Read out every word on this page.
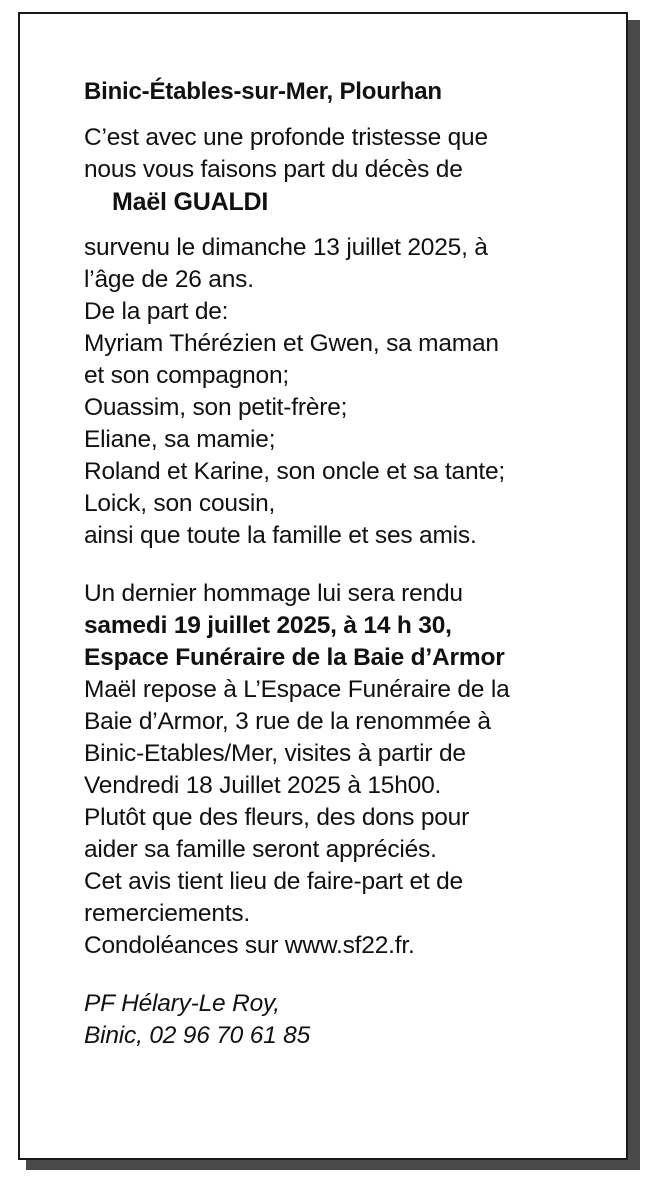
Binic-Étables-sur-Mer, Plourhan
C’est avec une profonde tristesse que
nous vous faisons part du décès de
Maël GUALDI
survenu le dimanche 13 juillet 2025, à
l’âge de 26 ans.
De la part de:
Myriam Thérézien et Gwen, sa maman
et son compagnon;
Ouassim, son petit-frère;
Eliane, sa mamie;
Roland et Karine, son oncle et sa tante;
Loick, son cousin,
ainsi que toute la famille et ses amis.
Un dernier hommage lui sera rendu
samedi 19 juillet 2025, à 14 h 30,
Espace Funéraire de la Baie d’Armor
Maël repose à L’Espace Funéraire de la
Baie d’Armor, 3 rue de la renommée à
Binic-Etables/Mer, visites à partir de
Vendredi 18 Juillet 2025 à 15h00.
Plutôt que des fleurs, des dons pour
aider sa famille seront appréciés.
Cet avis tient lieu de faire-part et de
remerciements.
Condoléances sur www.sf22.fr.
PF Hélary-Le Roy,
Binic, 02 96 70 61 85
